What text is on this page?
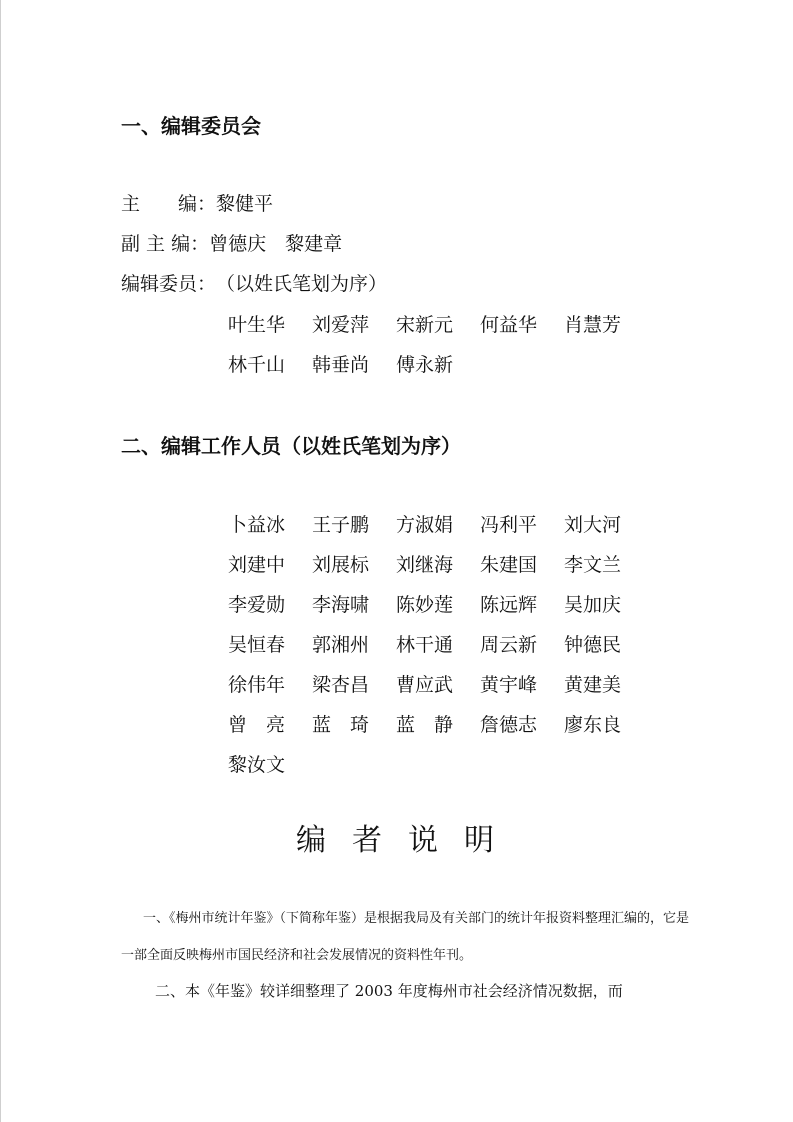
一、编辑委员会
主　　编：黎健平
副 主 编：曾德庆　黎建章
编辑委员：（以姓氏笔划为序）
叶生华 刘爱萍 宋新元 何益华 肖慧芳
林千山 韩垂尚 傅永新
二、编辑工作人员（以姓氏笔划为序）
卜益冰 王子鹏 方淑娟 冯利平 刘大河
刘建中 刘展标 刘继海 朱建国 李文兰
李爱勋 李海啸 陈妙莲 陈远辉 吴加庆
吴恒春 郭湘州 林干通 周云新 钟德民
徐伟年 梁杏昌 曹应武 黄宇峰 黄建美
曾　亮 蓝　琦 蓝　静 詹德志 廖东良
黎汝文
编者说明
一、《梅州市统计年鉴》（下简称年鉴）是根据我局及有关部门的统计年报资料整理汇编的，它是
一部全面反映梅州市国民经济和社会发展情况的资料性年刊。
二、本《年鉴》较详细整理了 2003 年度梅州市社会经济情况数据，而
